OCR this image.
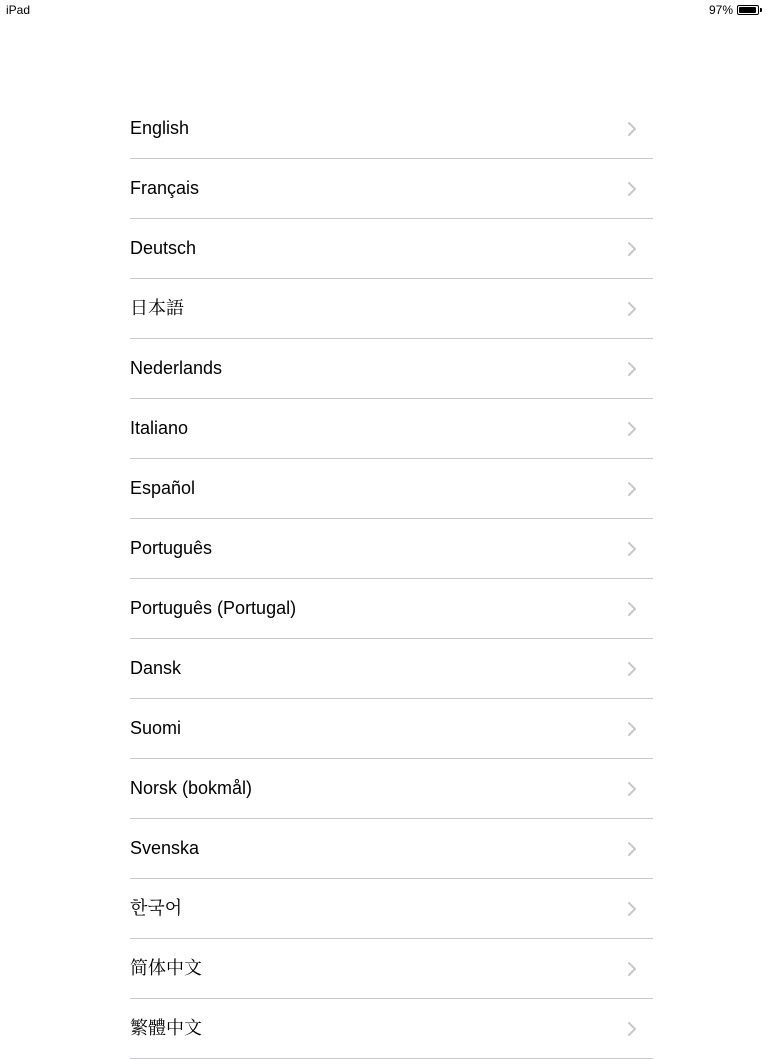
iPad	97%
English
Français
Deutsch
日本語
Nederlands
Italiano
Español
Português
Português (Portugal)
Dansk
Suomi
Norsk (bokmål)
Svenska
한국어
简体中文
繁體中文
